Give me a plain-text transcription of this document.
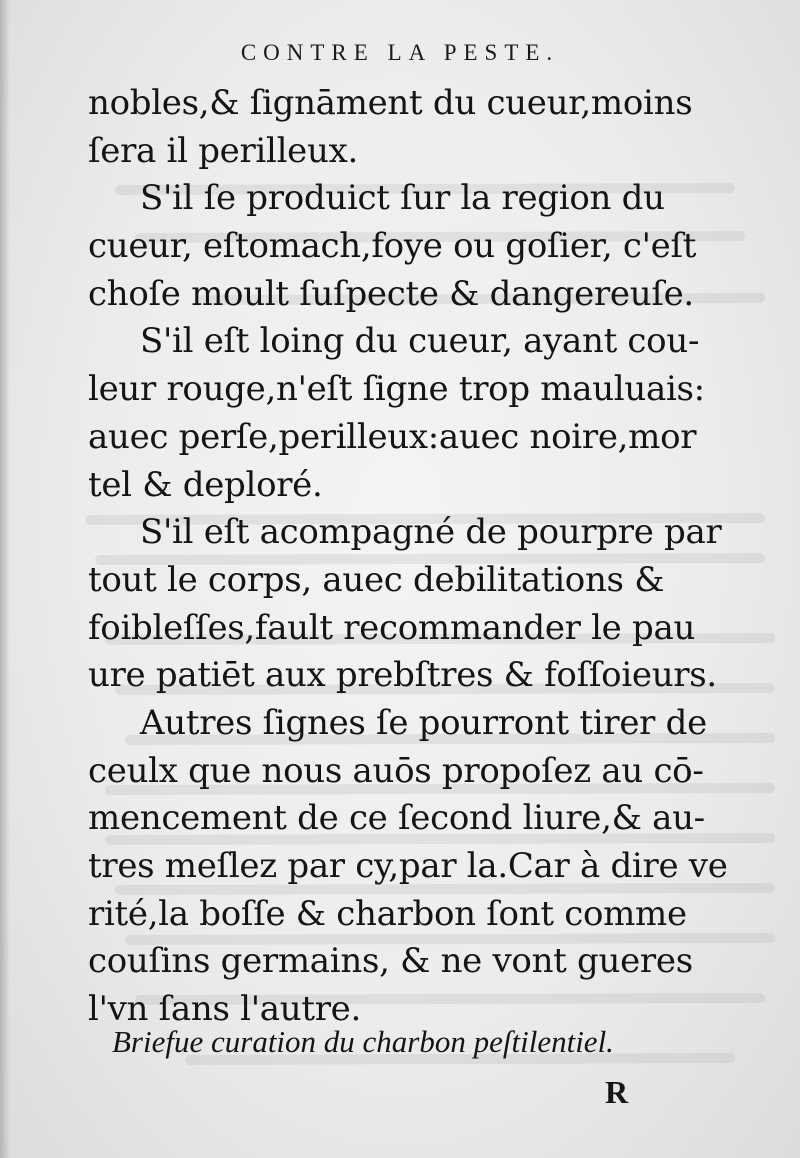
CONTRE LA PESTE.
nobles,& ſignāment du cueur,moins
ſera il perilleux.
S'il ſe produict ſur la region du
cueur, eſtomach,foye ou goſier, c'eſt
choſe moult ſuſpecte & dangereuſe.
S'il eſt loing du cueur, ayant cou-
leur rouge,n'eſt ſigne trop mauluais:
auec perſe,perilleux:auec noire,mor
tel & deploré.
S'il eſt acompagné de pourpre par
tout le corps, auec debilitations &
foibleſſes,fault recommander le pau
ure patiēt aux prebſtres & foſſoieurs.
Autres ſignes ſe pourront tirer de
ceulx que nous auōs propoſez au cō-
mencement de ce ſecond liure,& au-
tres meſlez par cy,par la.Car à dire ve
rité,la boſſe & charbon ſont comme
couſins germains, & ne vont gueres
l'vn ſans l'autre.
Briefue curation du charbon peſtilentiel.
R
